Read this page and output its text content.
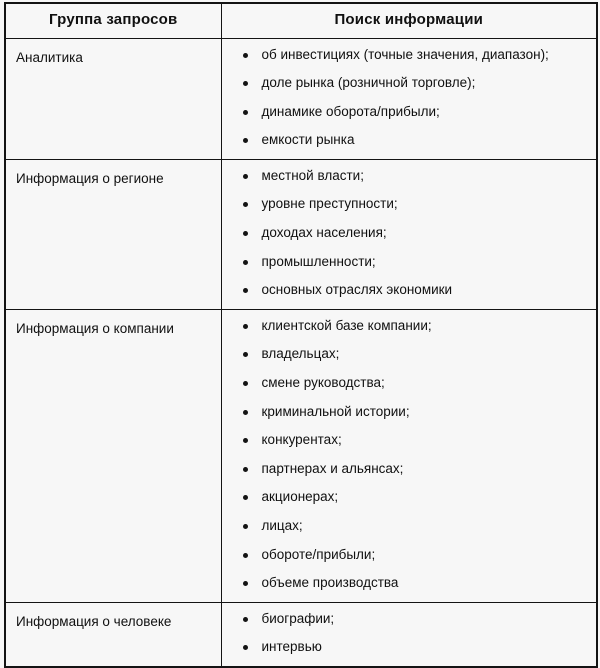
Группа запросов	Поиск информации
Аналитика	об инвестициях (точные значения, диапазон);
доле рынка (розничной торговле);
динамике оборота/прибыли;
емкости рынка

Информация о регионе	местной власти;
уровне преступности;
доходах населения;
промышленности;
основных отраслях экономики

Информация о компании	клиентской базе компании;
владельцах;
смене руководства;
криминальной истории;
конкурентах;
партнерах и альянсах;
акционерах;
лицах;
обороте/прибыли;
объеме производства

Информация о человеке	биографии;
интервью
